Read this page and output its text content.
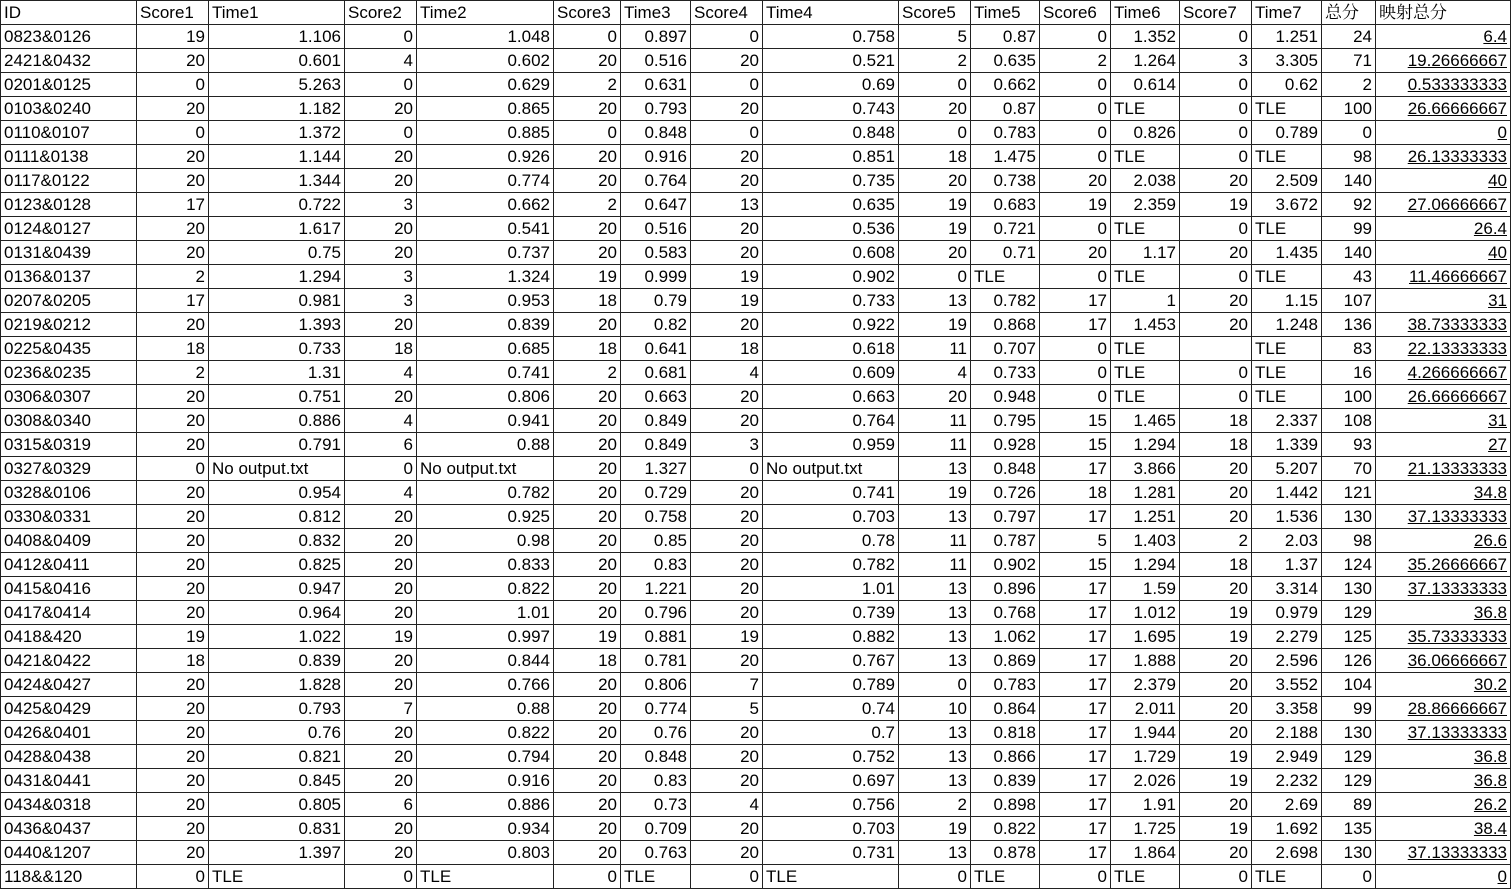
ID	Score1	Time1	Score2	Time2	Score3	Time3	Score4	Time4	Score5	Time5	Score6	Time6	Score7	Time7	总分	映射总分
0823&0126	19	1.106	0	1.048	0	0.897	0	0.758	5	0.87	0	1.352	0	1.251	24	6.4
2421&0432	20	0.601	4	0.602	20	0.516	20	0.521	2	0.635	2	1.264	3	3.305	71	19.26666667
0201&0125	0	5.263	0	0.629	2	0.631	0	0.69	0	0.662	0	0.614	0	0.62	2	0.533333333
0103&0240	20	1.182	20	0.865	20	0.793	20	0.743	20	0.87	0	TLE	0	TLE	100	26.66666667
0110&0107	0	1.372	0	0.885	0	0.848	0	0.848	0	0.783	0	0.826	0	0.789	0	0
0111&0138	20	1.144	20	0.926	20	0.916	20	0.851	18	1.475	0	TLE	0	TLE	98	26.13333333
0117&0122	20	1.344	20	0.774	20	0.764	20	0.735	20	0.738	20	2.038	20	2.509	140	40
0123&0128	17	0.722	3	0.662	2	0.647	13	0.635	19	0.683	19	2.359	19	3.672	92	27.06666667
0124&0127	20	1.617	20	0.541	20	0.516	20	0.536	19	0.721	0	TLE	0	TLE	99	26.4
0131&0439	20	0.75	20	0.737	20	0.583	20	0.608	20	0.71	20	1.17	20	1.435	140	40
0136&0137	2	1.294	3	1.324	19	0.999	19	0.902	0	TLE	0	TLE	0	TLE	43	11.46666667
0207&0205	17	0.981	3	0.953	18	0.79	19	0.733	13	0.782	17	1	20	1.15	107	31
0219&0212	20	1.393	20	0.839	20	0.82	20	0.922	19	0.868	17	1.453	20	1.248	136	38.73333333
0225&0435	18	0.733	18	0.685	18	0.641	18	0.618	11	0.707	0	TLE		TLE	83	22.13333333
0236&0235	2	1.31	4	0.741	2	0.681	4	0.609	4	0.733	0	TLE	0	TLE	16	4.266666667
0306&0307	20	0.751	20	0.806	20	0.663	20	0.663	20	0.948	0	TLE	0	TLE	100	26.66666667
0308&0340	20	0.886	4	0.941	20	0.849	20	0.764	11	0.795	15	1.465	18	2.337	108	31
0315&0319	20	0.791	6	0.88	20	0.849	3	0.959	11	0.928	15	1.294	18	1.339	93	27
0327&0329	0	No output.txt	0	No output.txt	20	1.327	0	No output.txt	13	0.848	17	3.866	20	5.207	70	21.13333333
0328&0106	20	0.954	4	0.782	20	0.729	20	0.741	19	0.726	18	1.281	20	1.442	121	34.8
0330&0331	20	0.812	20	0.925	20	0.758	20	0.703	13	0.797	17	1.251	20	1.536	130	37.13333333
0408&0409	20	0.832	20	0.98	20	0.85	20	0.78	11	0.787	5	1.403	2	2.03	98	26.6
0412&0411	20	0.825	20	0.833	20	0.83	20	0.782	11	0.902	15	1.294	18	1.37	124	35.26666667
0415&0416	20	0.947	20	0.822	20	1.221	20	1.01	13	0.896	17	1.59	20	3.314	130	37.13333333
0417&0414	20	0.964	20	1.01	20	0.796	20	0.739	13	0.768	17	1.012	19	0.979	129	36.8
0418&420	19	1.022	19	0.997	19	0.881	19	0.882	13	1.062	17	1.695	19	2.279	125	35.73333333
0421&0422	18	0.839	20	0.844	18	0.781	20	0.767	13	0.869	17	1.888	20	2.596	126	36.06666667
0424&0427	20	1.828	20	0.766	20	0.806	7	0.789	0	0.783	17	2.379	20	3.552	104	30.2
0425&0429	20	0.793	7	0.88	20	0.774	5	0.74	10	0.864	17	2.011	20	3.358	99	28.86666667
0426&0401	20	0.76	20	0.822	20	0.76	20	0.7	13	0.818	17	1.944	20	2.188	130	37.13333333
0428&0438	20	0.821	20	0.794	20	0.848	20	0.752	13	0.866	17	1.729	19	2.949	129	36.8
0431&0441	20	0.845	20	0.916	20	0.83	20	0.697	13	0.839	17	2.026	19	2.232	129	36.8
0434&0318	20	0.805	6	0.886	20	0.73	4	0.756	2	0.898	17	1.91	20	2.69	89	26.2
0436&0437	20	0.831	20	0.934	20	0.709	20	0.703	19	0.822	17	1.725	19	1.692	135	38.4
0440&1207	20	1.397	20	0.803	20	0.763	20	0.731	13	0.878	17	1.864	20	2.698	130	37.13333333
118&&120	0	TLE	0	TLE	0	TLE	0	TLE	0	TLE	0	TLE	0	TLE	0	0
